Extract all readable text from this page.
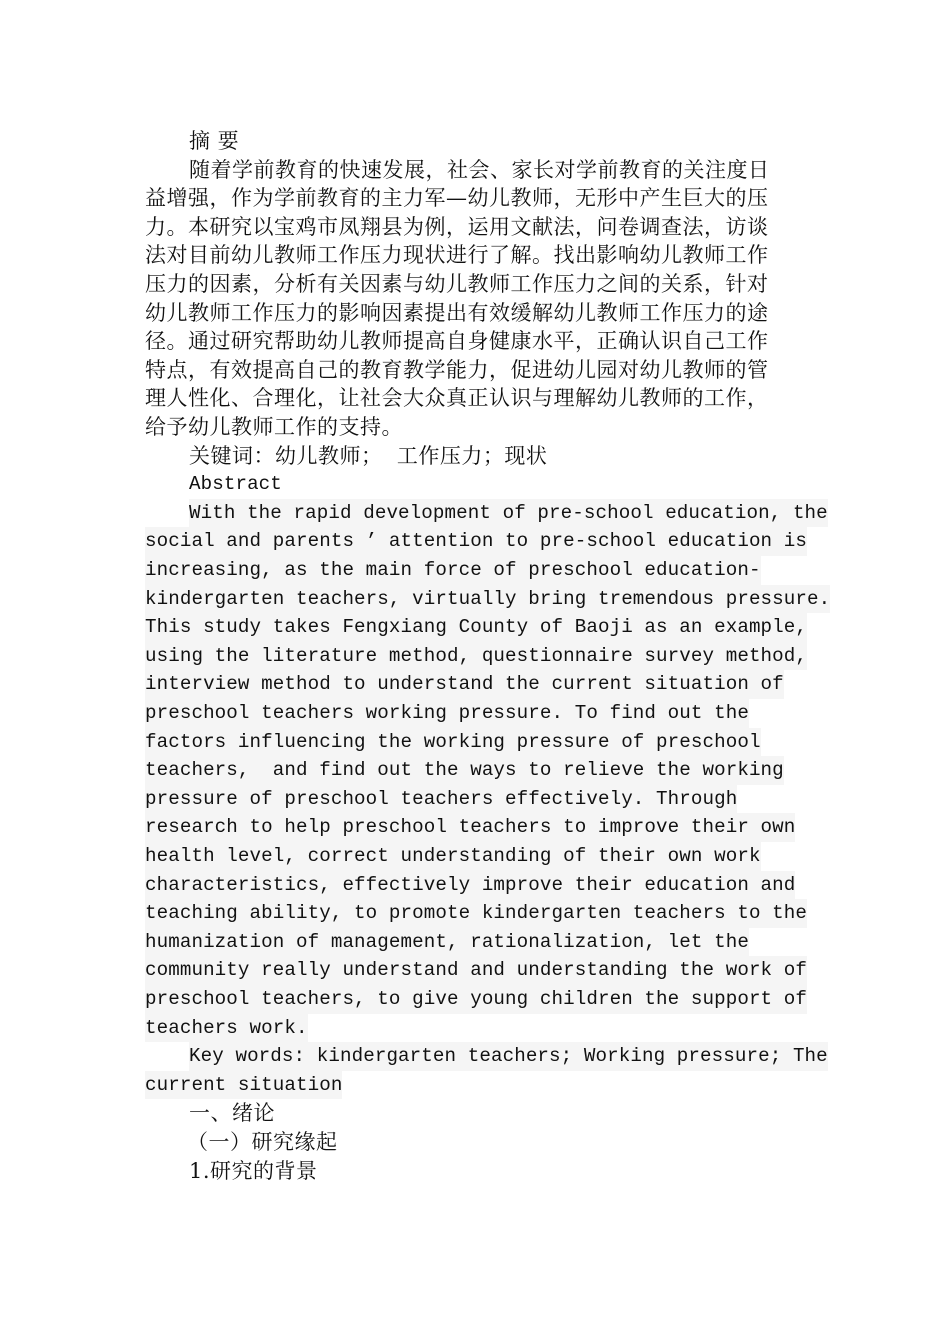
摘 要
随着学前教育的快速发展，社会、家长对学前教育的关注度日
益增强，作为学前教育的主力军—幼儿教师，无形中产生巨大的压
力。本研究以宝鸡市凤翔县为例，运用文献法，问卷调查法，访谈
法对目前幼儿教师工作压力现状进行了解。找出影响幼儿教师工作
压力的因素，分析有关因素与幼儿教师工作压力之间的关系，针对
幼儿教师工作压力的影响因素提出有效缓解幼儿教师工作压力的途
径。通过研究帮助幼儿教师提高自身健康水平，正确认识自己工作
特点，有效提高自己的教育教学能力，促进幼儿园对幼儿教师的管
理人性化、合理化，让社会大众真正认识与理解幼儿教师的工作，
给予幼儿教师工作的支持。
关键词：幼儿教师；  工作压力；现状
Abstract
With the rapid development of pre-school education, the
social and parents ’ attention to pre-school education is
increasing, as the main force of preschool education-
kindergarten teachers, virtually bring tremendous pressure.
This study takes Fengxiang County of Baoji as an example,
using the literature method, questionnaire survey method,
interview method to understand the current situation of
preschool teachers working pressure. To find out the
factors influencing the working pressure of preschool
teachers,  and find out the ways to relieve the working
pressure of preschool teachers effectively. Through
research to help preschool teachers to improve their own
health level, correct understanding of their own work
characteristics, effectively improve their education and
teaching ability, to promote kindergarten teachers to the
humanization of management, rationalization, let the
community really understand and understanding the work of
preschool teachers, to give young children the support of
teachers work.
Key words: kindergarten teachers; Working pressure; The
current situation
一、绪论
（一）研究缘起
1.研究的背景
